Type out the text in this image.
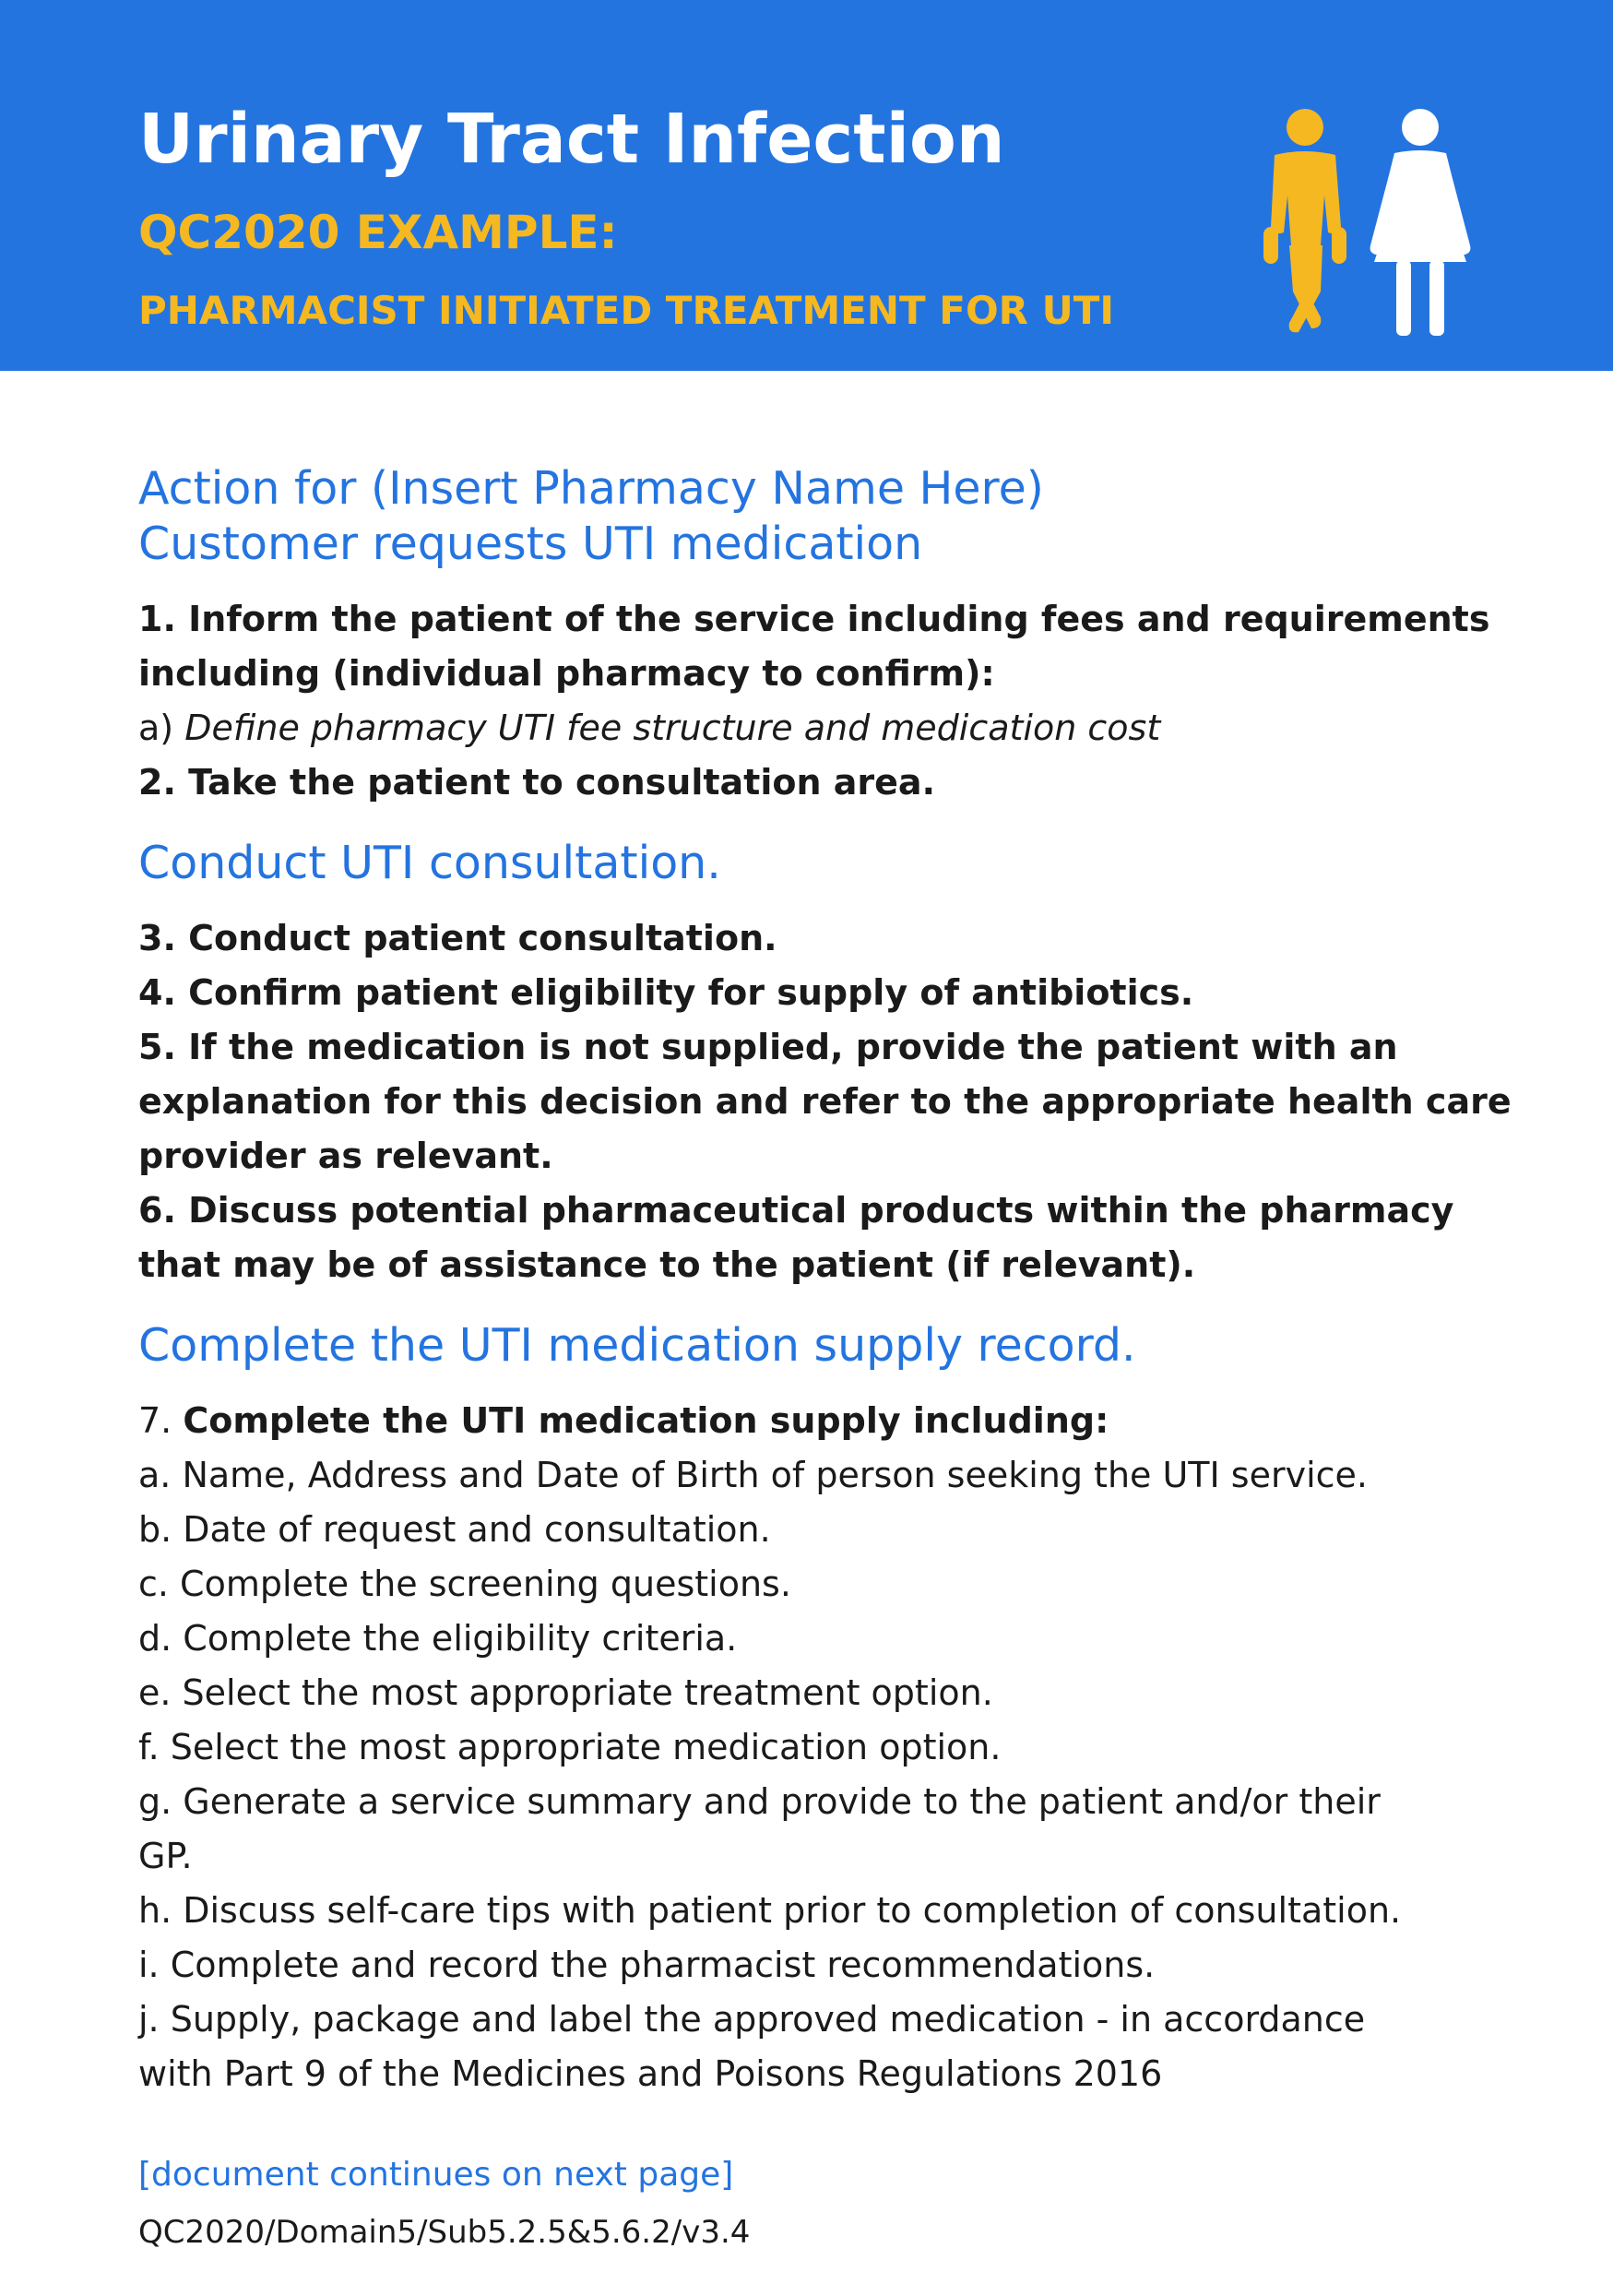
Urinary Tract Infection
QC2020 EXAMPLE:
PHARMACIST INITIATED TREATMENT FOR UTI
Action for (Insert Pharmacy Name Here)
Customer requests UTI medication

1. Inform the patient of the service including fees and requirements

including (individual pharmacy to confirm):

a) Define pharmacy UTI fee structure and medication cost

2. Take the patient to consultation area.

Conduct UTI consultation.

3. Conduct patient consultation.

4. Confirm patient eligibility for supply of antibiotics.

5. If the medication is not supplied, provide the patient with an

explanation for this decision and refer to the appropriate health care

provider as relevant.

6. Discuss potential pharmaceutical products within the pharmacy

that may be of assistance to the patient (if relevant).

Complete the UTI medication supply record.

7. Complete the UTI medication supply including:

a. Name, Address and Date of Birth of person seeking the UTI service.

b. Date of request and consultation.

c. Complete the screening questions.

d. Complete the eligibility criteria.

e. Select the most appropriate treatment option.

f. Select the most appropriate medication option.

g. Generate a service summary and provide to the patient and/or their

GP.

h. Discuss self-care tips with patient prior to completion of consultation.

i. Complete and record the pharmacist recommendations.

j. Supply, package and label the approved medication - in accordance

with Part 9 of the Medicines and Poisons Regulations 2016

[document continues on next page]

QC2020/Domain5/Sub5.2.5&5.6.2/v3.4
